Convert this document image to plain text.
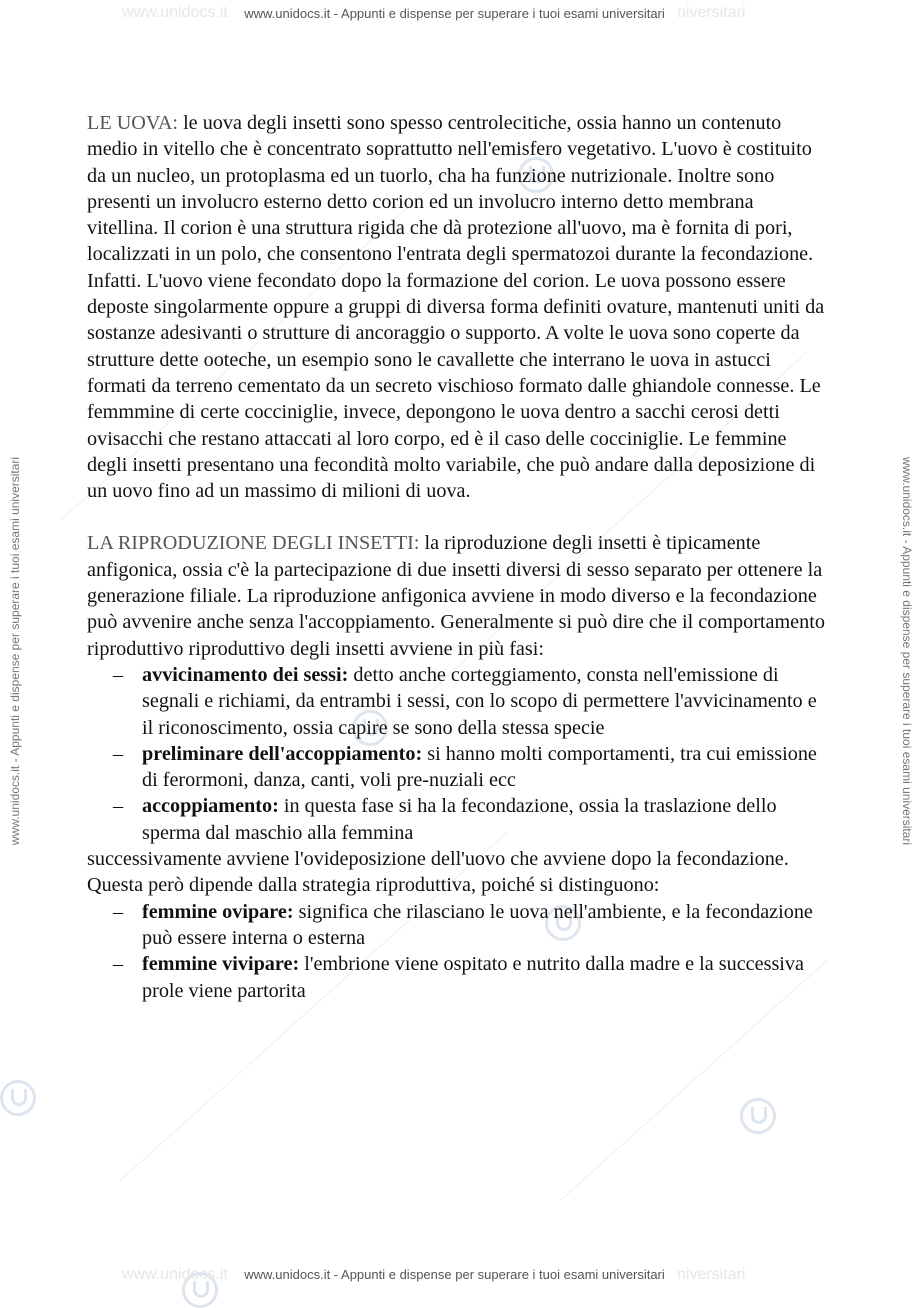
www.unidocs.it	niversitari
www.unidocs.it - Appunti e dispense per superare i tuoi esami universitari
www.unidocs.it	niversitari
www.unidocs.it - Appunti e dispense per superare i tuoi esami universitari
www.unidocs.it - Appunti e dispense per superare i tuoi esami universitari	www.unidocs.it - Appunti e dispense per superare i tuoi esami universitari

LE UOVA: le uova degli insetti sono spesso centrolecitiche, ossia hanno un contenuto medio in vitello che è concentrato soprattutto nell'emisfero vegetativo. L'uovo è costituito da un nucleo, un protoplasma ed un tuorlo, cha ha funzione nutrizionale. Inoltre sono presenti un involucro esterno detto corion ed un involucro interno detto membrana vitellina. Il corion è una struttura rigida che dà protezione all'uovo, ma è fornita di pori, localizzati in un polo, che consentono l'entrata degli spermatozoi durante la fecondazione. Infatti. L'uovo viene fecondato dopo la formazione del corion. Le uova possono essere deposte singolarmente oppure a gruppi di diversa forma definiti ovature, mantenuti uniti da sostanze adesivanti o strutture di ancoraggio o supporto. A volte le uova sono coperte da strutture dette ooteche, un esempio sono le cavallette che interrano le uova in astucci formati da terreno cementato da un secreto vischioso formato dalle ghiandole connesse. Le femmmine di certe cocciniglie, invece, depongono le uova dentro a sacchi cerosi detti ovisacchi che restano attaccati al loro corpo, ed è il caso delle cocciniglie. Le femmine degli insetti presentano una fecondità molto variabile, che può andare dalla deposizione di un uovo fino ad un massimo di milioni di uova.

LA RIPRODUZIONE DEGLI INSETTI: la riproduzione degli insetti è tipicamente anfigonica, ossia c'è la partecipazione di due insetti diversi di sesso separato per ottenere la generazione filiale. La riproduzione anfigonica avviene in modo diverso e la fecondazione può avvenire anche senza l'accoppiamento. Generalmente si può dire che il comportamento riproduttivo riproduttivo degli insetti avviene in più fasi:

– avvicinamento dei sessi: detto anche corteggiamento, consta nell'emissione di segnali e richiami, da entrambi i sessi, con lo scopo di permettere l'avvicinamento e il riconoscimento, ossia capire se sono della stessa specie
– preliminare dell'accoppiamento: si hanno molti comportamenti, tra cui emissione di ferormoni, danza, canti, voli pre-nuziali ecc
– accoppiamento: in questa fase si ha la fecondazione, ossia la traslazione dello sperma dal maschio alla femmina

successivamente avviene l'ovideposizione dell'uovo che avviene dopo la fecondazione. Questa però dipende dalla strategia riproduttiva, poiché si distinguono:

– femmine ovipare: significa che rilasciano le uova nell'ambiente, e la fecondazione può essere interna o esterna
– femmine vivipare: l'embrione viene ospitato e nutrito dalla madre e la successiva prole viene partorita
